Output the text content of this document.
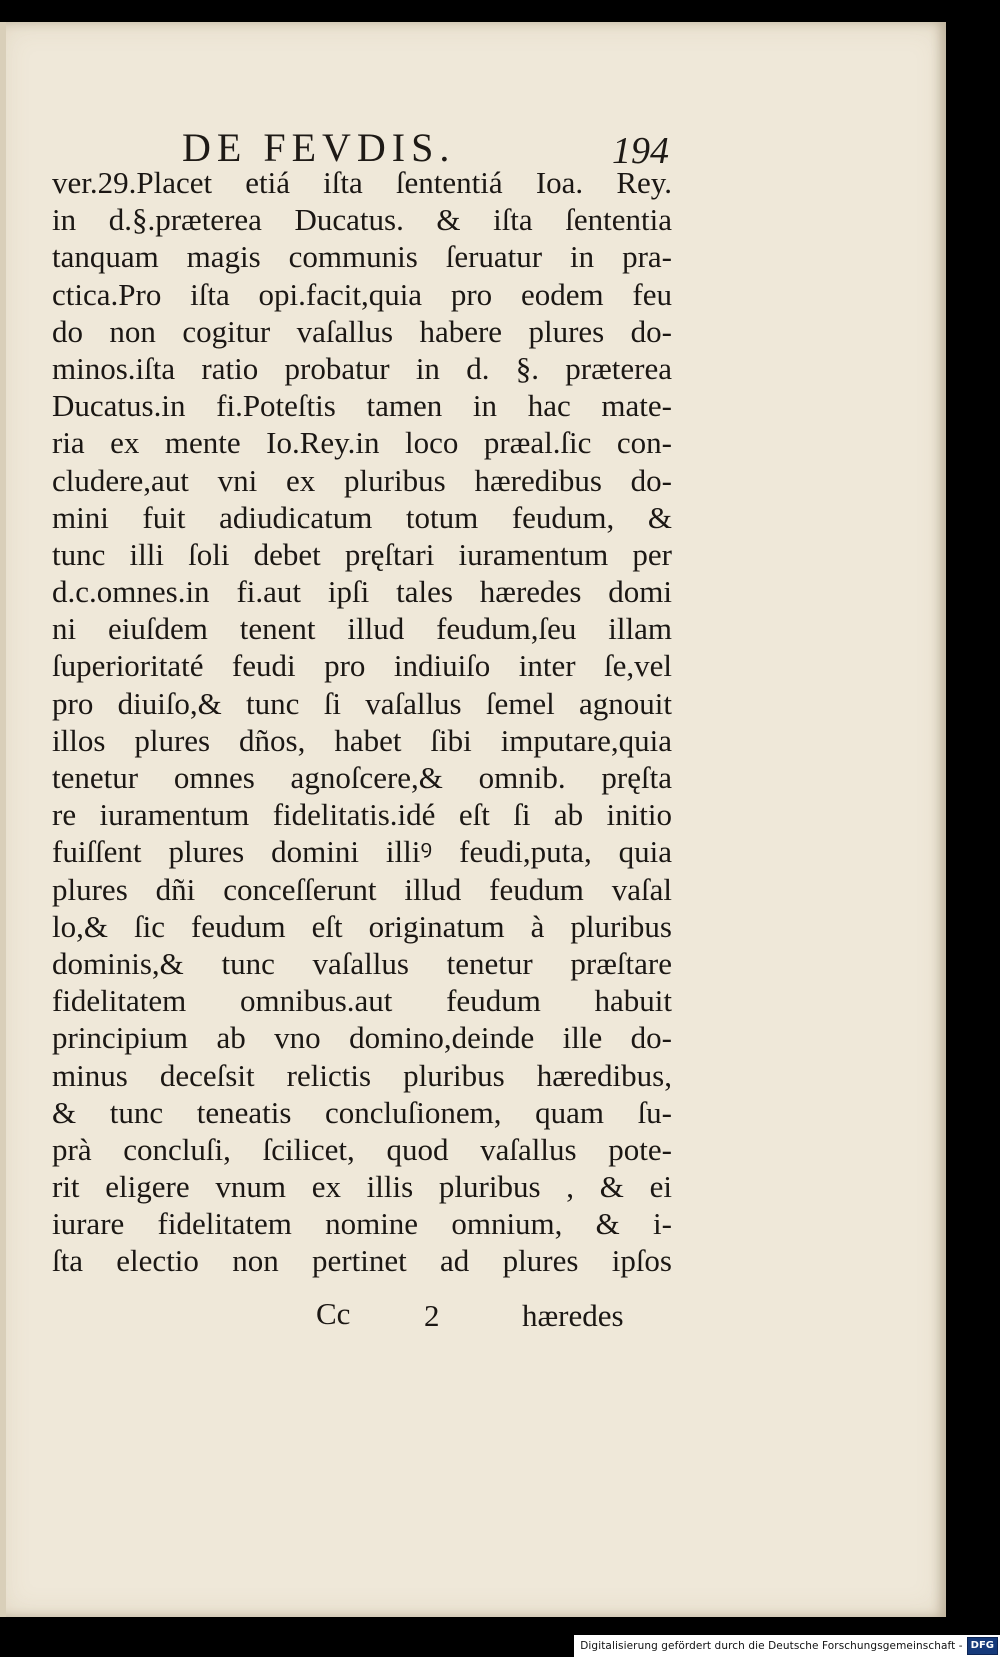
DE FEVDIS.	194
ver.29.Placet etiá iſta ſententiá Ioa. Rey.
in d.§.præterea Ducatus. & iſta ſententia
tanquam magis communis ſeruatur in pra-
ctica.Pro iſta opi.facit,quia pro eodem feu
do non cogitur vaſallus habere plures do-
minos.iſta ratio probatur in d. §. præterea
Ducatus.in fi.Poteſtis tamen in hac mate-
ria ex mente Io.Rey.in loco præal.ſic con-
cludere,aut vni ex pluribus hæredibus do-
mini fuit adiudicatum totum feudum, &
tunc illi ſoli debet pręſtari iuramentum per
d.c.omnes.in fi.aut ipſi tales hæredes domi
ni eiuſdem tenent illud feudum,ſeu illam
ſuperioritaté feudi pro indiuiſo inter ſe,vel
pro diuiſo,& tunc ſi vaſallus ſemel agnouit
illos plures dños, habet ſibi imputare,quia
tenetur omnes agnoſcere,& omnib. pręſta
re iuramentum fidelitatis.idé eſt ſi ab initio
fuiſſent plures domini illiꝰ feudi,puta, quia
plures dñi conceſſerunt illud feudum vaſal
lo,& ſic feudum eſt originatum à pluribus
dominis,& tunc vaſallus tenetur præſtare
fidelitatem omnibus.aut feudum habuit
principium ab vno domino,deinde ille do-
minus deceſsit relictis pluribus hæredibus,
& tunc teneatis concluſionem, quam ſu-
prà concluſi, ſcilicet, quod vaſallus pote-
rit eligere vnum ex illis pluribus , & ei
iurare fidelitatem nomine omnium, & i-
ſta electio non pertinet ad plures ipſos
Cc 2	hæredes
Digitalisierung gefördert durch die Deutsche Forschungsgemeinschaft - DFG
